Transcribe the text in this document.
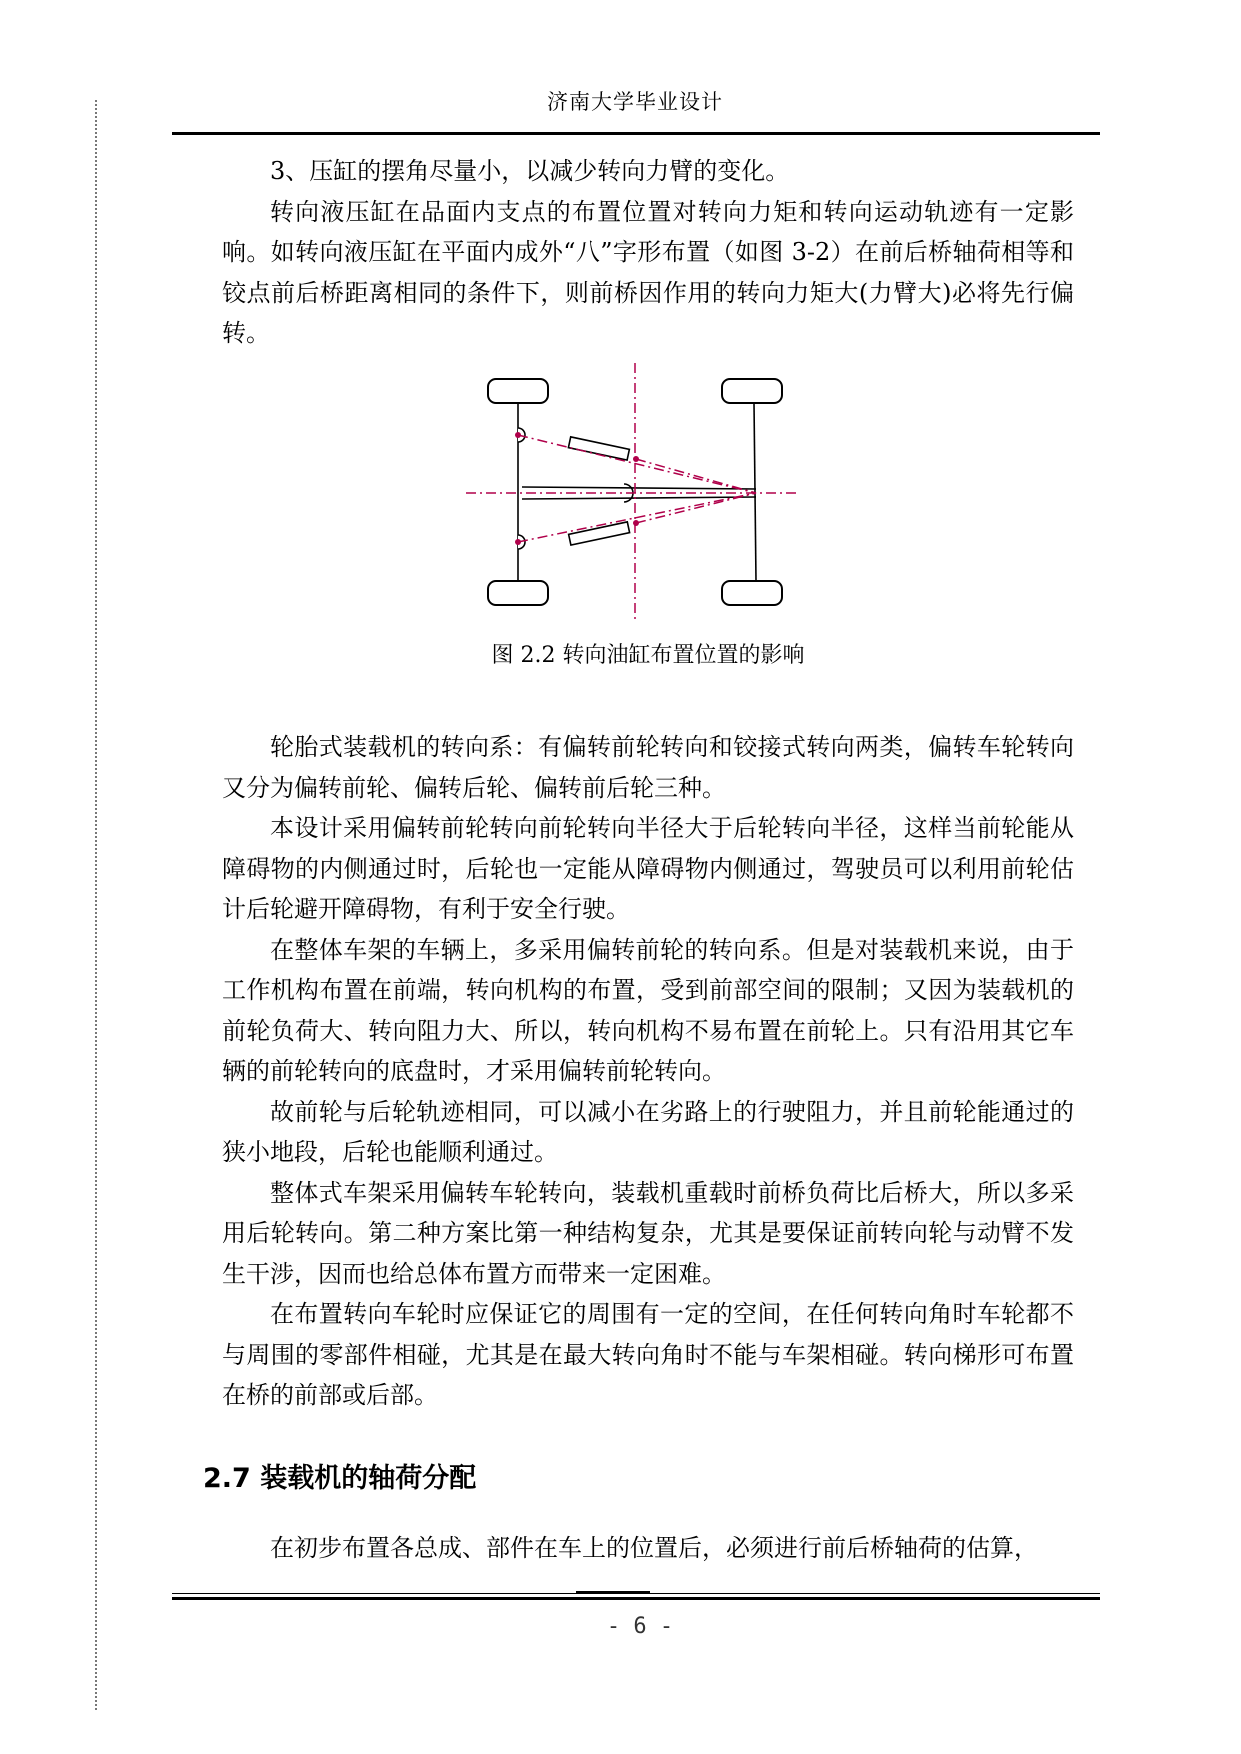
济南大学毕业设计

3、压缸的摆角尽量小，以减少转向力臂的变化。

转向液压缸在品面内支点的布置位置对转向力矩和转向运动轨迹有一定影响。如转向液压缸在平面内成外“八”字形布置（如图 3-2）在前后桥轴荷相等和铰点前后桥距离相同的条件下，则前桥因作用的转向力矩大(力臂大)必将先行偏转。

图 2.2 转向油缸布置位置的影响

轮胎式装载机的转向系：有偏转前轮转向和铰接式转向两类，偏转车轮转向又分为偏转前轮、偏转后轮、偏转前后轮三种。

本设计采用偏转前轮转向前轮转向半径大于后轮转向半径，这样当前轮能从障碍物的内侧通过时，后轮也一定能从障碍物内侧通过，驾驶员可以利用前轮估计后轮避开障碍物，有利于安全行驶。

在整体车架的车辆上，多采用偏转前轮的转向系。但是对装载机来说，由于工作机构布置在前端，转向机构的布置，受到前部空间的限制；又因为装载机的前轮负荷大、转向阻力大、所以，转向机构不易布置在前轮上。只有沿用其它车辆的前轮转向的底盘时，才采用偏转前轮转向。

故前轮与后轮轨迹相同，可以减小在劣路上的行驶阻力，并且前轮能通过的狭小地段，后轮也能顺利通过。

整体式车架采用偏转车轮转向，装载机重载时前桥负荷比后桥大，所以多采用后轮转向。第二种方案比第一种结构复杂，尤其是要保证前转向轮与动臂不发生干涉，因而也给总体布置方而带来一定困难。

在布置转向车轮时应保证它的周围有一定的空间，在任何转向角时车轮都不与周围的零部件相碰，尤其是在最大转向角时不能与车架相碰。转向梯形可布置在桥的前部或后部。

2.7 装载机的轴荷分配

在初步布置各总成、部件在车上的位置后，必须进行前后桥轴荷的估算，

- 6 -
